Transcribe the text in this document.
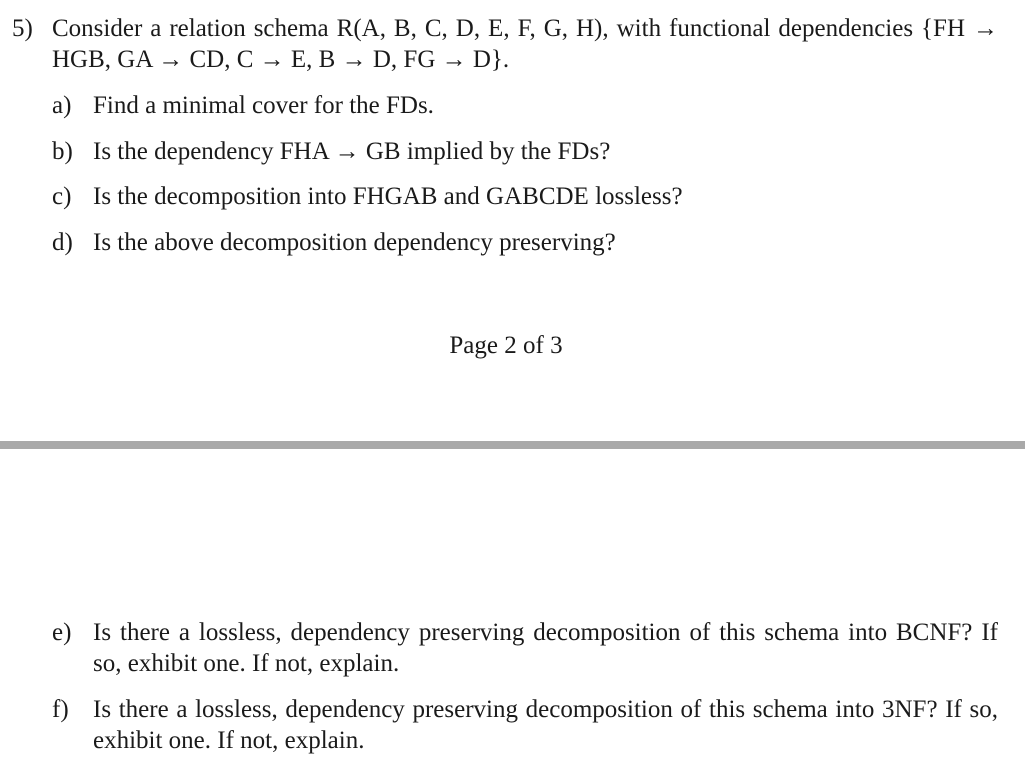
5) Consider a relation schema R(A, B, C, D, E, F, G, H), with functional dependencies {FH → HGB, GA → CD, C → E, B → D, FG → D}.
a) Find a minimal cover for the FDs.
b) Is the dependency FHA → GB implied by the FDs?
c) Is the decomposition into FHGAB and GABCDE lossless?
d) Is the above decomposition dependency preserving?
Page 2 of 3
e) Is there a lossless, dependency preserving decomposition of this schema into BCNF? If so, exhibit one. If not, explain.
f) Is there a lossless, dependency preserving decomposition of this schema into 3NF? If so, exhibit one. If not, explain.
